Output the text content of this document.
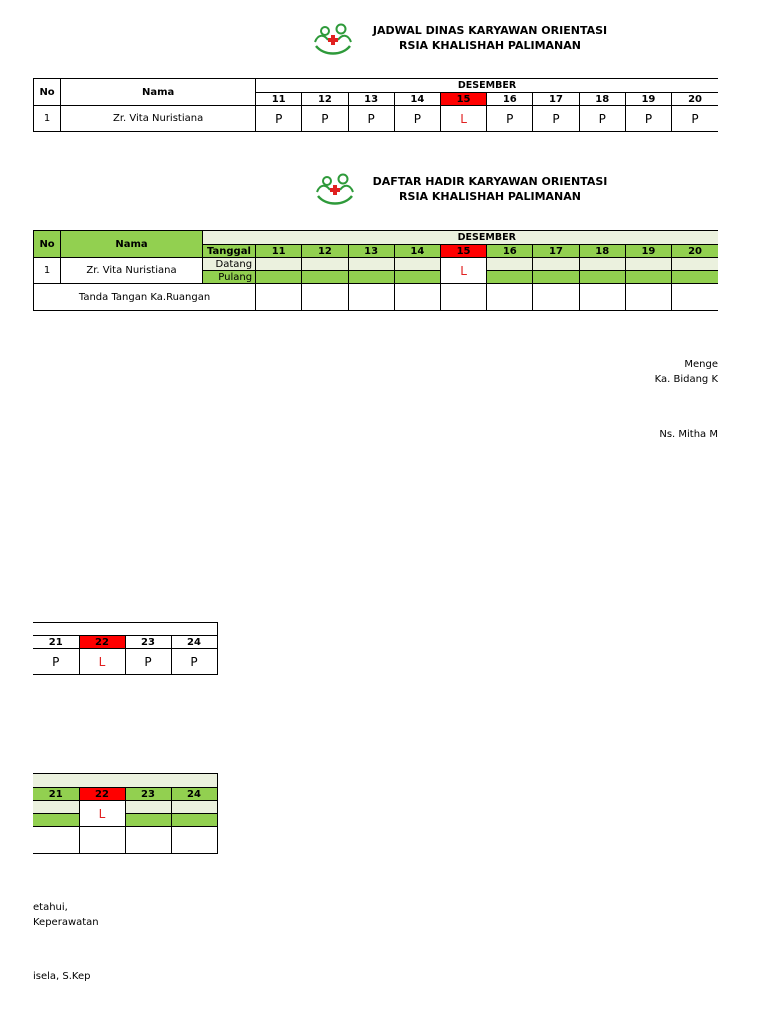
JADWAL DINAS KARYAWAN ORIENTASI
RSIA KHALISHAH PALIMANAN
No	Nama	DESEMBER									
		11	12	13	14	15	16	17	18	19	20
1	Zr. Vita Nuristiana	P	P	P	P	L	P	P	P	P	P
DAFTAR HADIR KARYAWAN ORIENTASI
RSIA KHALISHAH PALIMANAN
No	Nama		DESEMBER									
		Tanggal	11	12	13	14	15	16	17	18	19	20
1	Zr. Vita Nuristiana	Datang					L					
		Pulang										
Tanda Tangan Ka.Ruangan												
Menge
Ka. Bidang K
Ns. Mitha M

21	22	23	24
P	L	P	P

21	22	23	24
	L		

etahui,
Keperawatan
isela, S.Kep
